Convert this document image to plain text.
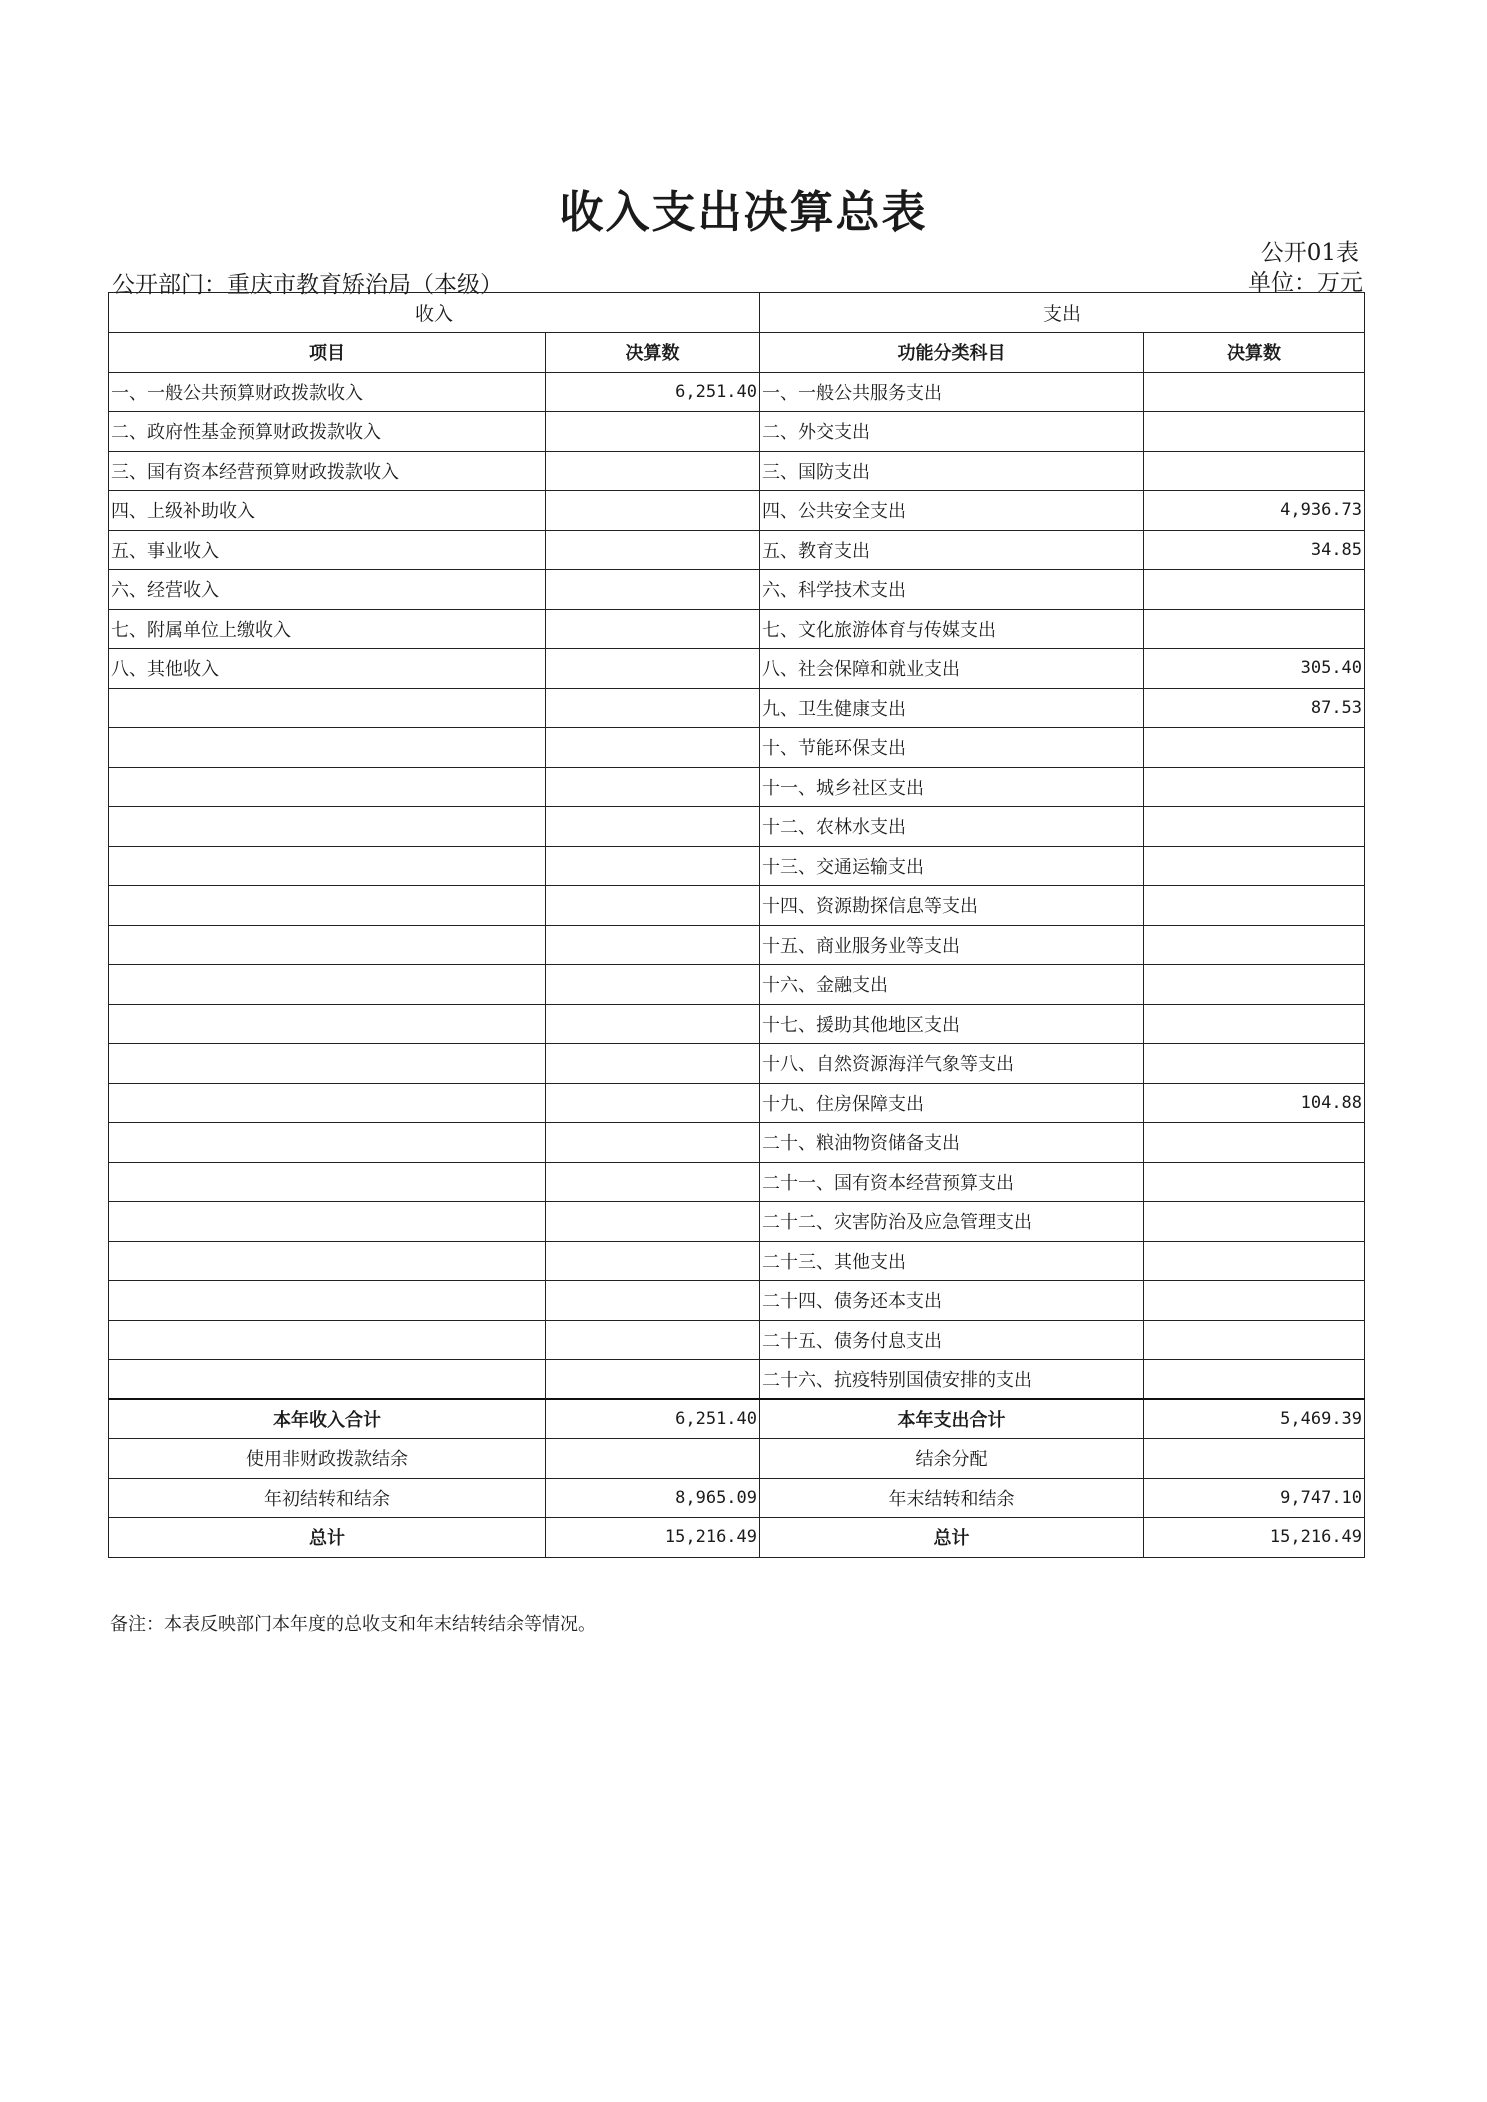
收入支出决算总表
公开01表
公开部门：重庆市教育矫治局（本级）	单位：万元
收入		支出	
项目	决算数	功能分类科目	决算数
一、一般公共预算财政拨款收入	6,251.40	一、一般公共服务支出	
二、政府性基金预算财政拨款收入		二、外交支出	
三、国有资本经营预算财政拨款收入		三、国防支出	
四、上级补助收入		四、公共安全支出	4,936.73
五、事业收入		五、教育支出	34.85
六、经营收入		六、科学技术支出	
七、附属单位上缴收入		七、文化旅游体育与传媒支出	
八、其他收入		八、社会保障和就业支出	305.40
		九、卫生健康支出	87.53
		十、节能环保支出	
		十一、城乡社区支出	
		十二、农林水支出	
		十三、交通运输支出	
		十四、资源勘探信息等支出	
		十五、商业服务业等支出	
		十六、金融支出	
		十七、援助其他地区支出	
		十八、自然资源海洋气象等支出	
		十九、住房保障支出	104.88
		二十、粮油物资储备支出	
		二十一、国有资本经营预算支出	
		二十二、灾害防治及应急管理支出	
		二十三、其他支出	
		二十四、债务还本支出	
		二十五、债务付息支出	
		二十六、抗疫特别国债安排的支出	
本年收入合计	6,251.40	本年支出合计	5,469.39
使用非财政拨款结余		结余分配	
年初结转和结余	8,965.09	年末结转和结余	9,747.10
总计	15,216.49	总计	15,216.49
备注：本表反映部门本年度的总收支和年末结转结余等情况。
